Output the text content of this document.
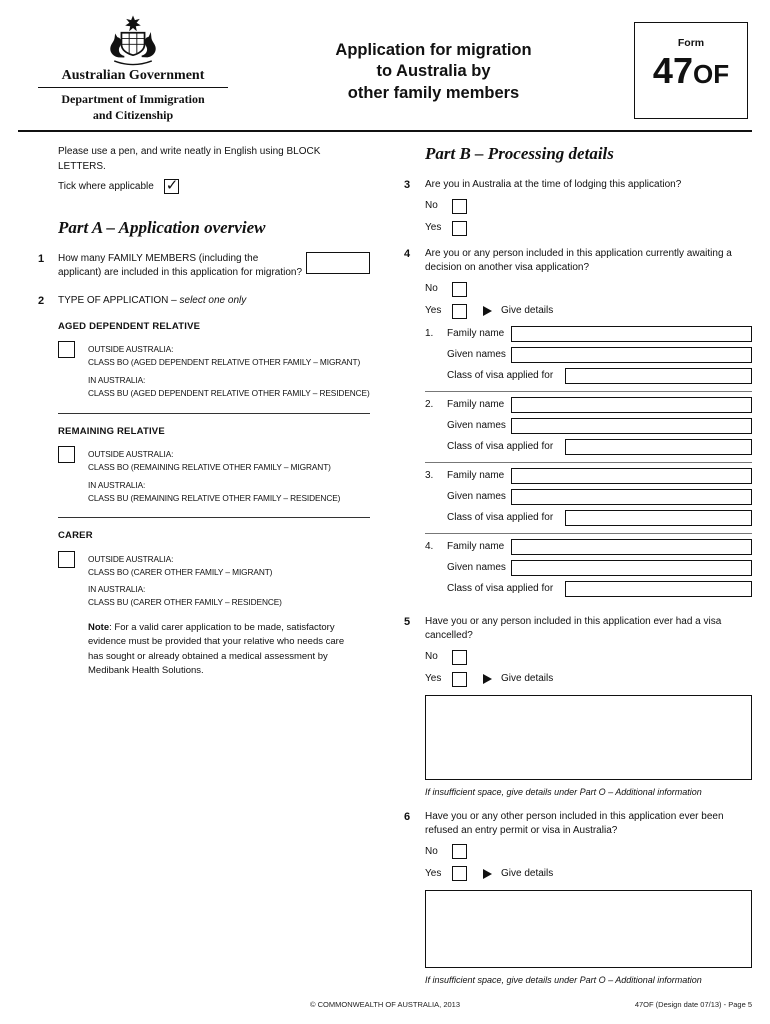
Australian Government
Department of Immigration
and Citizenship
Application for migration
to Australia by
other family members
Form
47OF
Please use a pen, and write neatly in English using BLOCK LETTERS.
Tick where applicable ✓
Part A – Application overview
1	How many FAMILY MEMBERS (including the applicant) are included in this application for migration?
2	TYPE OF APPLICATION – select one only
AGED DEPENDENT RELATIVE
OUTSIDE AUSTRALIA:
CLASS BO (AGED DEPENDENT RELATIVE OTHER FAMILY – MIGRANT)
IN AUSTRALIA:
CLASS BU (AGED DEPENDENT RELATIVE OTHER FAMILY – RESIDENCE)
REMAINING RELATIVE
OUTSIDE AUSTRALIA:
CLASS BO (REMAINING RELATIVE OTHER FAMILY – MIGRANT)
IN AUSTRALIA:
CLASS BU (REMAINING RELATIVE OTHER FAMILY – RESIDENCE)
CARER
OUTSIDE AUSTRALIA:
CLASS BO (CARER OTHER FAMILY – MIGRANT)
IN AUSTRALIA:
CLASS BU (CARER OTHER FAMILY – RESIDENCE)

Note: For a valid carer application to be made, satisfactory evidence must be provided that your relative who needs care has sought or already obtained a medical assessment by Medibank Health Solutions.

Part B – Processing details
3	Are you in Australia at the time of lodging this application?
No
Yes
4	Are you or any person included in this application currently awaiting a decision on another visa application?
No
Yes	Give details
1.	Family name
Given names
Class of visa applied for
2.	Family name
Given names
Class of visa applied for
3.	Family name
Given names
Class of visa applied for
4.	Family name
Given names
Class of visa applied for
5	Have you or any person included in this application ever had a visa cancelled?
No
Yes	Give details
If insufficient space, give details under Part O – Additional information
6	Have you or any other person included in this application ever been refused an entry permit or visa in Australia?
No
Yes	Give details
If insufficient space, give details under Part O – Additional information
© COMMONWEALTH OF AUSTRALIA, 2013	47OF (Design date 07/13) - Page 5
